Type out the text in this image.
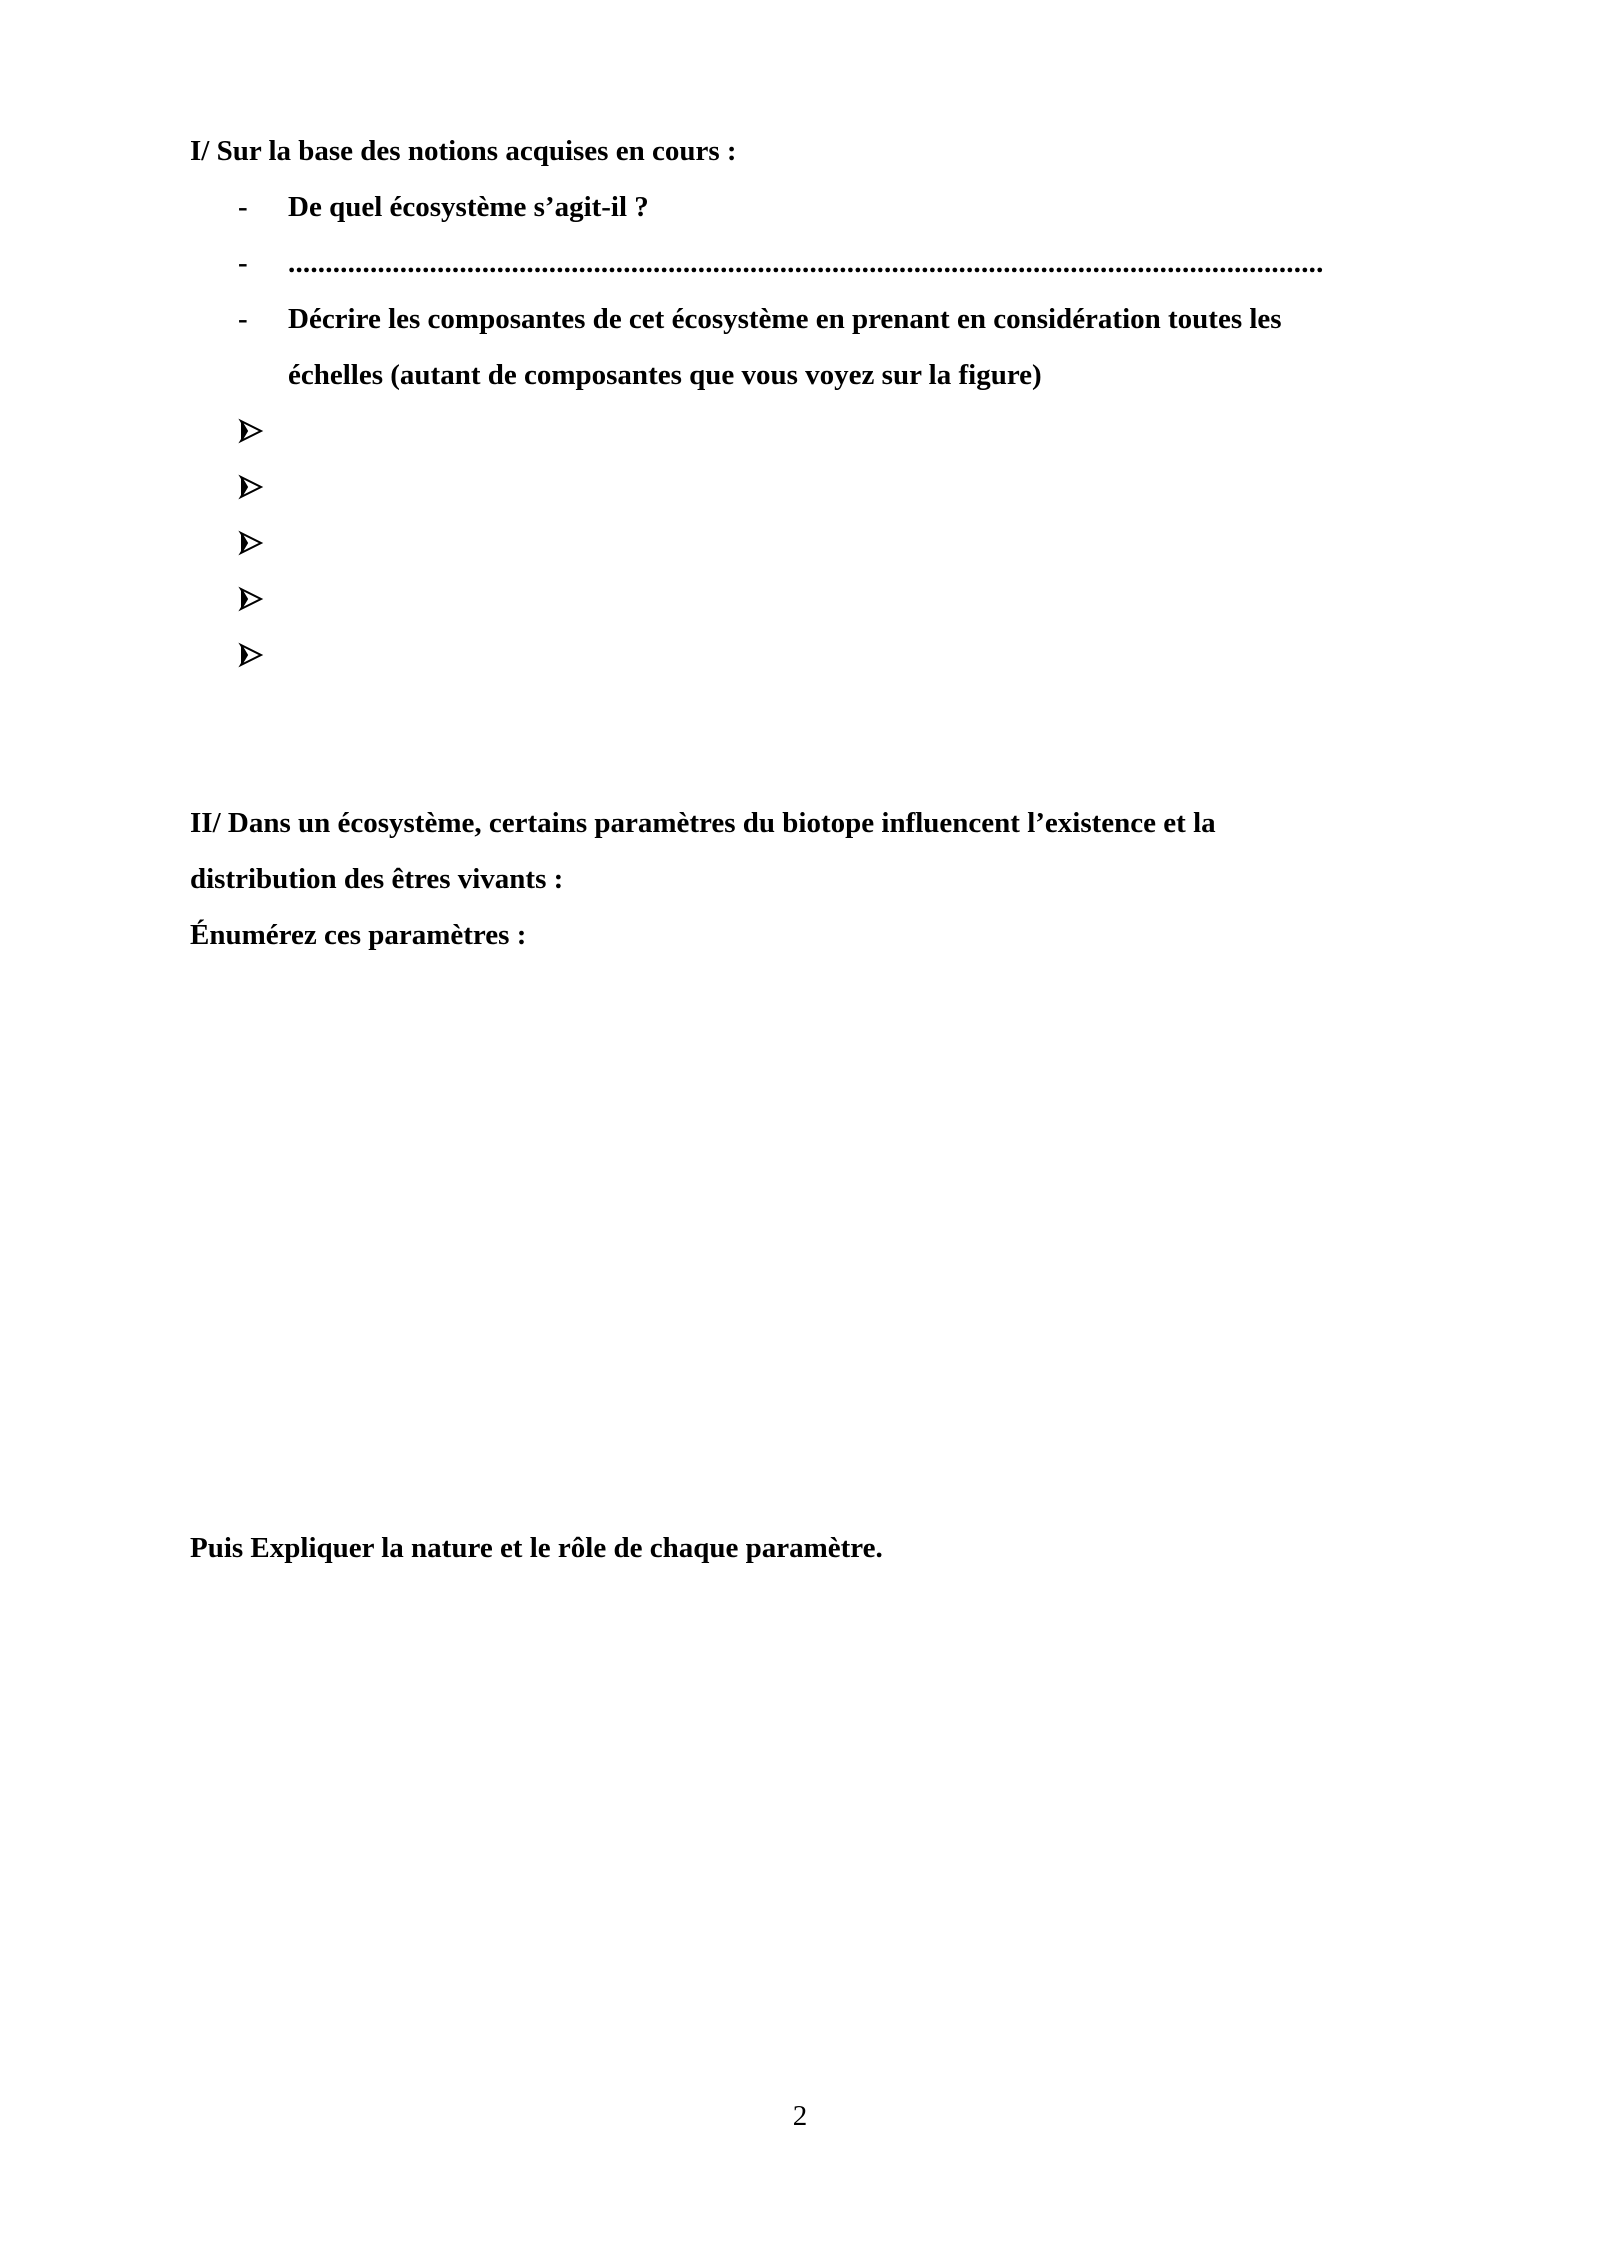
I/ Sur la base des notions acquises en cours :
- De quel écosystème s’agit-il ?
- ...........................................................................................................................................
- Décrire les composantes de cet écosystème en prenant en considération toutes les
échelles (autant de composantes que vous voyez sur la figure)
II/ Dans un écosystème, certains paramètres du biotope influencent l’existence et la
distribution des êtres vivants :
Énumérez ces paramètres :
Puis Expliquer la nature et le rôle de chaque paramètre.
2
